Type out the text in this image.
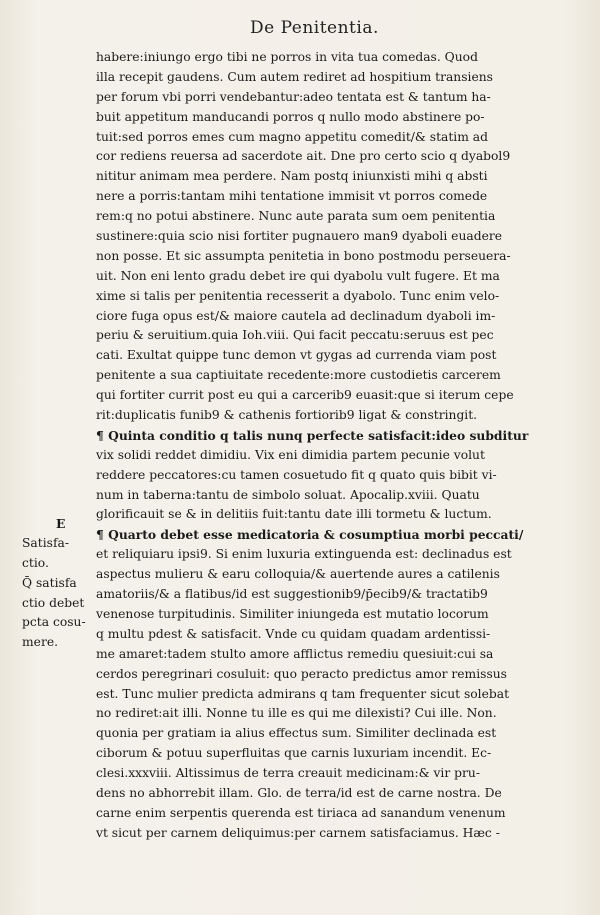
De Penitentia.
habere:iniungo ergo tibi ne porros in vita tua comedas. Quod
illa recepit gaudens. Cum autem rediret ad hospitium transiens
per forum vbi porri vendebantur:adeo tentata est & tantum ha-
buit appetitum manducandi porros q nullo modo abstinere po-
tuit:sed porros emes cum magno appetitu comedit/& statim ad
cor rediens reuersa ad sacerdote ait. Dne pro certo scio q dyabol9
nititur animam mea perdere. Nam postq iniunxisti mihi q absti
nere a porris:tantam mihi tentatione immisit vt porros comede
rem:q no potui abstinere. Nunc aute parata sum oem penitentia
sustinere:quia scio nisi fortiter pugnauero man9 dyaboli euadere
non posse. Et sic assumpta penitetia in bono postmodu perseuera-
uit. Non eni lento gradu debet ire qui dyabolu vult fugere. Et ma
xime si talis per penitentia recesserit a dyabolo. Tunc enim velo-
ciore fuga opus est/& maiore cautela ad declinadum dyaboli im-
periu & seruitium.quia Ioh.viii. Qui facit peccatu:seruus est pec
cati. Exultat quippe tunc demon vt gygas ad currenda viam post
penitente a sua captiuitate recedente:more custodietis carcerem
qui fortiter currit post eu qui a carcerib9 euasit:que si iterum cepe
rit:duplicatis funib9 & cathenis fortiorib9 ligat & constringit.
¶ Quinta conditio q talis nunq perfecte satisfacit:ideo subditur
vix solidi reddet dimidiu. Vix eni dimidia partem pecunie volut
reddere peccatores:cu tamen cosuetudo fit q quato quis bibit vi-
num in taberna:tantu de simbolo soluat. Apocalip.xviii. Quatu
glorificauit se & in delitiis fuit:tantu date illi tormetu & luctum.
¶ Quarto debet esse medicatoria & cosumptiua morbi peccati/
et reliquiaru ipsi9. Si enim luxuria extinguenda est: declinadus est
aspectus mulieru & earu colloquia/& auertende aures a catilenis
amatoriis/& a flatibus/id est suggestionib9/p̄ecib9/& tractatib9
venenose turpitudinis. Similiter iniungeda est mutatio locorum
q multu pdest & satisfacit. Vnde cu quidam quadam ardentissi-
me amaret:tadem stulto amore afflictus remediu quesiuit:cui sa
cerdos peregrinari cosuluit: quo peracto predictus amor remissus
est. Tunc mulier predicta admirans q tam frequenter sicut solebat
no rediret:ait illi. Nonne tu ille es qui me dilexisti? Cui ille. Non.
quonia per gratiam ia alius effectus sum. Similiter declinada est
ciborum & potuu superfluitas que carnis luxuriam incendit. Ec-
clesi.xxxviii. Altissimus de terra creauit medicinam:& vir pru-
dens no abhorrebit illam. Glo. de terra/id est de carne nostra. De
carne enim serpentis querenda est tiriaca ad sanandum venenum
vt sicut per carnem deliquimus:per carnem satisfaciamus. Hæc -
E
Satisfa-
ctio.
Q̄ satisfa
ctio debet
pcta cosu-
mere.
